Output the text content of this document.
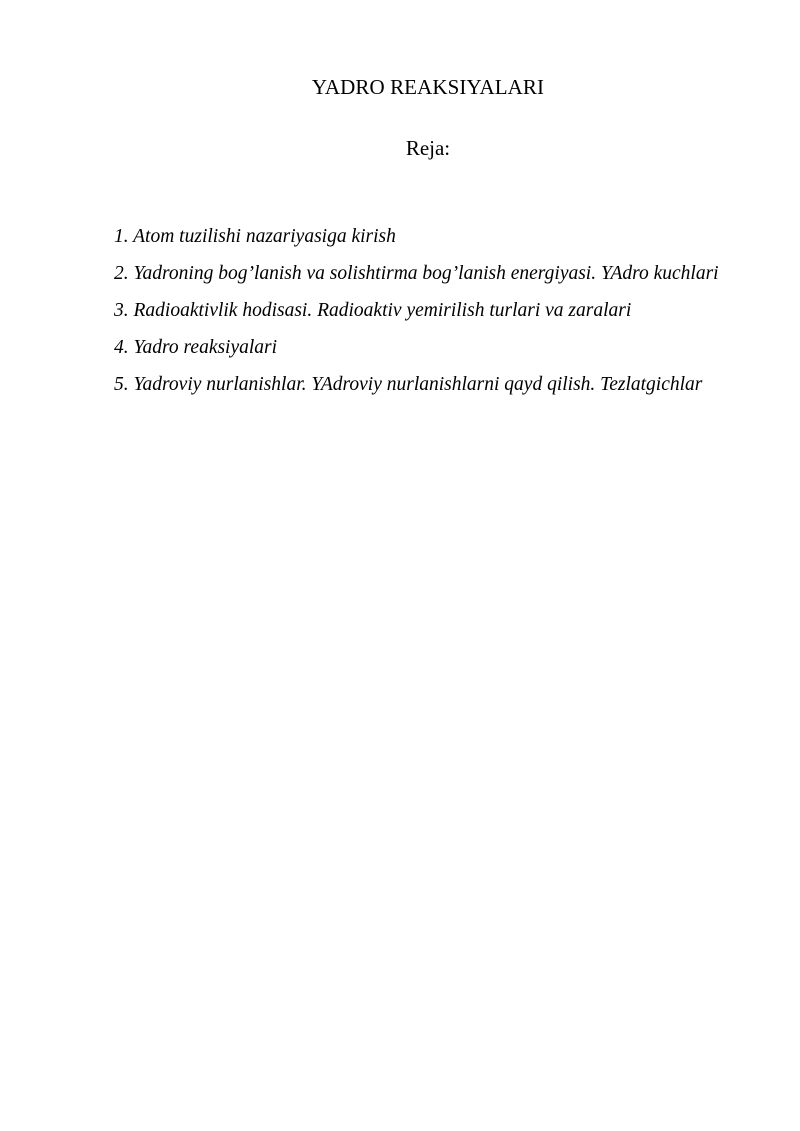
YADRO REAKSIYALARI
Reja:
1. Atom tuzilishi nazariyasiga kirish
2. Yadroning bog’lanish va solishtirma bog’lanish energiyasi. YAdro kuchlari
3. Radioaktivlik hodisasi. Radioaktiv yemirilish turlari va zaralari
4. Yadro reaksiyalari
5. Yadroviy nurlanishlar. YAdroviy nurlanishlarni qayd qilish. Tezlatgichlar
